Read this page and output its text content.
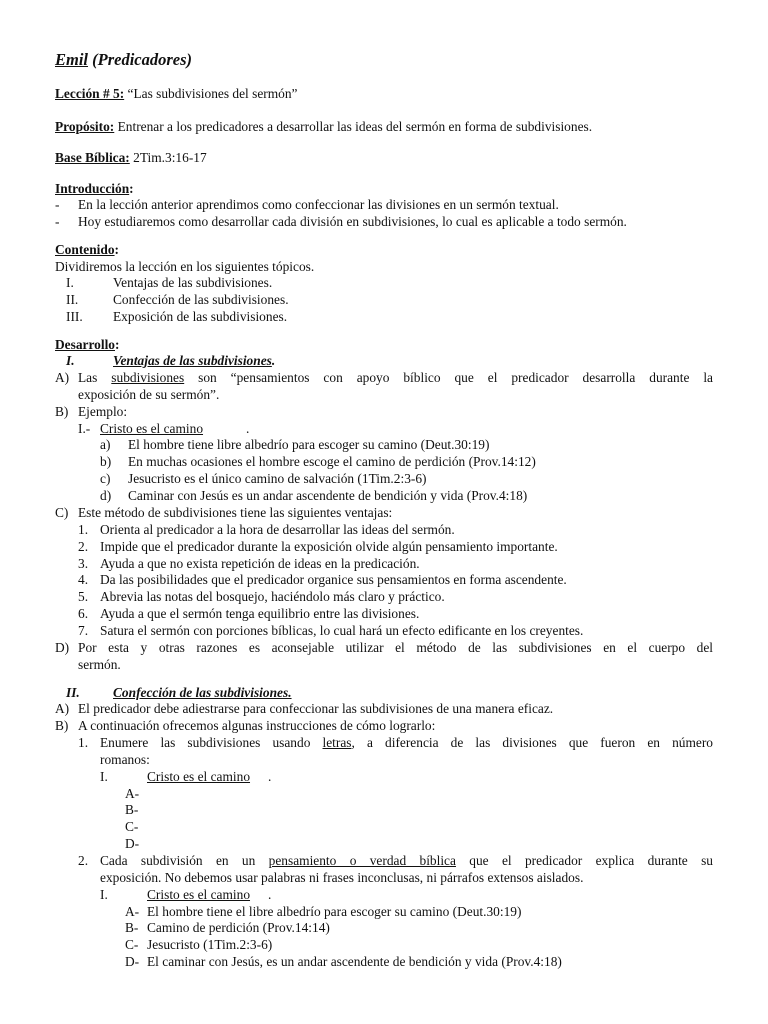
Emil (Predicadores)
Lección # 5: “Las subdivisiones del sermón”
Propósito: Entrenar a los predicadores a desarrollar las ideas del sermón en forma de subdivisiones.
Base Bíblica: 2Tim.3:16-17
Introducción:
- En la lección anterior aprendimos como confeccionar las divisiones en un sermón textual.
- Hoy estudiaremos como desarrollar cada división en subdivisiones, lo cual es aplicable a todo sermón.
Contenido:
Dividiremos la lección en los siguientes tópicos.
I.	Ventajas de las subdivisiones.
II.	Confección de las subdivisiones.
III. Exposición de las subdivisiones.
Desarrollo:
I.	Ventajas de las subdivisiones.
A) Las subdivisiones son “pensamientos con apoyo bíblico que el predicador desarrolla durante la
exposición de su sermón”.
B) Ejemplo:
I.- Cristo es el camino	.
a) El hombre tiene libre albedrío para escoger su camino (Deut.30:19)
b) En muchas ocasiones el hombre escoge el camino de perdición (Prov.14:12)
c) Jesucristo es el único camino de salvación (1Tim.2:3-6)
d) Caminar con Jesús es un andar ascendente de bendición y vida (Prov.4:18)
C) Este método de subdivisiones tiene las siguientes ventajas:
1. Orienta al predicador a la hora de desarrollar las ideas del sermón.
2. Impide que el predicador durante la exposición olvide algún pensamiento importante.
3. Ayuda a que no exista repetición de ideas en la predicación.
4. Da las posibilidades que el predicador organice sus pensamientos en forma ascendente.
5. Abrevia las notas del bosquejo, haciéndolo más claro y práctico.
6. Ayuda a que el sermón tenga equilibrio entre las divisiones.
7. Satura el sermón con porciones bíblicas, lo cual hará un efecto edificante en los creyentes.
D) Por esta y otras razones es aconsejable utilizar el método de las subdivisiones en el cuerpo del
sermón.
II. Confección de las subdivisiones.
A) El predicador debe adiestrarse para confeccionar las subdivisiones de una manera eficaz.
B) A continuación ofrecemos algunas instrucciones de cómo lograrlo:
1. Enumere las subdivisiones usando letras, a diferencia de las divisiones que fueron en número
romanos:
I.	Cristo es el camino .
A-
B-
C-
D-
2. Cada subdivisión en un pensamiento o verdad bíblica que el predicador explica durante su
exposición. No debemos usar palabras ni frases inconclusas, ni párrafos extensos aislados.
I.	Cristo es el camino .
A- El hombre tiene el libre albedrío para escoger su camino (Deut.30:19)
B- Camino de perdición (Prov.14:14)
C- Jesucristo (1Tim.2:3-6)
D- El caminar con Jesús, es un andar ascendente de bendición y vida (Prov.4:18)
